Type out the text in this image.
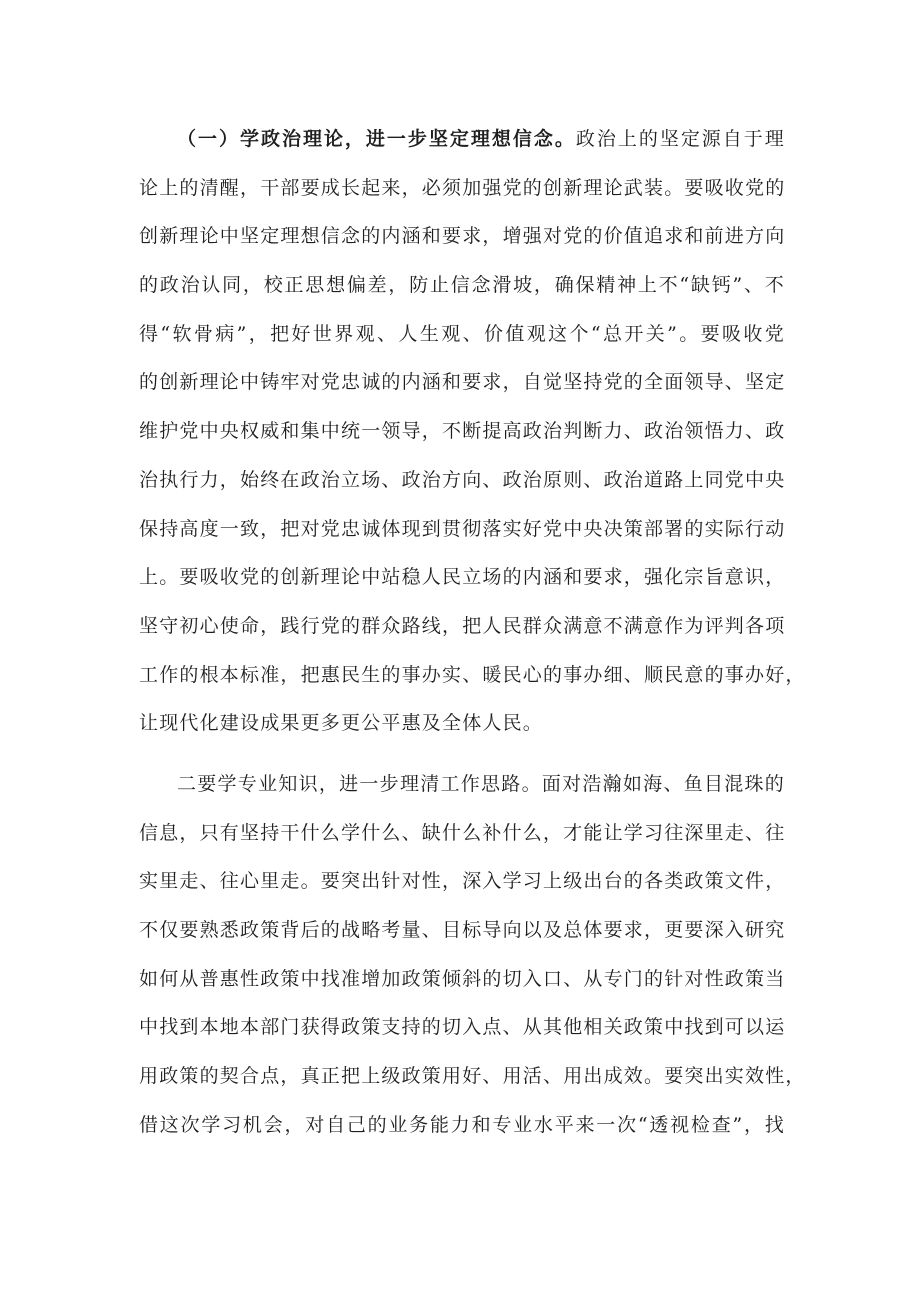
（一）学政治理论，进一步坚定理想信念。政治上的坚定源自于理
论上的清醒，干部要成长起来，必须加强党的创新理论武装。要吸收党的
创新理论中坚定理想信念的内涵和要求，增强对党的价值追求和前进方向
的政治认同，校正思想偏差，防止信念滑坡，确保精神上不“缺钙”、不
得“软骨病”，把好世界观、人生观、价值观这个“总开关”。要吸收党
的创新理论中铸牢对党忠诚的内涵和要求，自觉坚持党的全面领导、坚定
维护党中央权威和集中统一领导，不断提高政治判断力、政治领悟力、政
治执行力，始终在政治立场、政治方向、政治原则、政治道路上同党中央
保持高度一致，把对党忠诚体现到贯彻落实好党中央决策部署的实际行动
上。要吸收党的创新理论中站稳人民立场的内涵和要求，强化宗旨意识，
坚守初心使命，践行党的群众路线，把人民群众满意不满意作为评判各项
工作的根本标准，把惠民生的事办实、暖民心的事办细、顺民意的事办好，
让现代化建设成果更多更公平惠及全体人民。
二要学专业知识，进一步理清工作思路。面对浩瀚如海、鱼目混珠的
信息，只有坚持干什么学什么、缺什么补什么，才能让学习往深里走、往
实里走、往心里走。要突出针对性，深入学习上级出台的各类政策文件，
不仅要熟悉政策背后的战略考量、目标导向以及总体要求，更要深入研究
如何从普惠性政策中找准增加政策倾斜的切入口、从专门的针对性政策当
中找到本地本部门获得政策支持的切入点、从其他相关政策中找到可以运
用政策的契合点，真正把上级政策用好、用活、用出成效。要突出实效性，
借这次学习机会，对自己的业务能力和专业水平来一次“透视检查”，找
